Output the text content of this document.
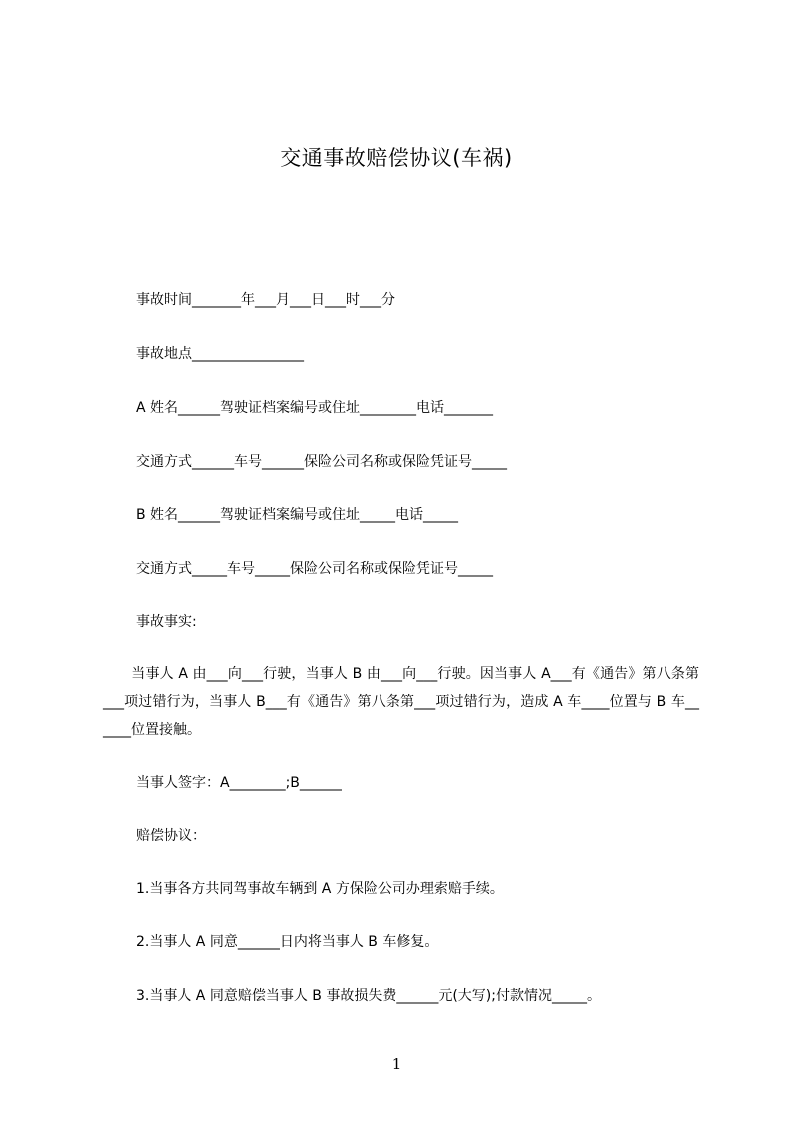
交通事故赔偿协议(车祸)

事故时间_______年___月___日___时___分

事故地点________________

A 姓名______驾驶证档案编号或住址________电话_______

交通方式______车号______保险公司名称或保险凭证号_____

B 姓名______驾驶证档案编号或住址_____电话_____

交通方式_____车号_____保险公司名称或保险凭证号_____

事故事实:

　　当事人 A 由___向___行驶，当事人 B 由___向___行驶。因当事人 A___有《通告》第八条第___项过错行为，当事人 B___有《通告》第八条第___项过错行为，造成 A 车____位置与 B 车______位置接触。

当事人签字：A________;B______

赔偿协议：

1.当事各方共同驾事故车辆到 A 方保险公司办理索赔手续。

2.当事人 A 同意______日内将当事人 B 车修复。

3.当事人 A 同意赔偿当事人 B 事故损失费______元(大写);付款情况_____。

1
